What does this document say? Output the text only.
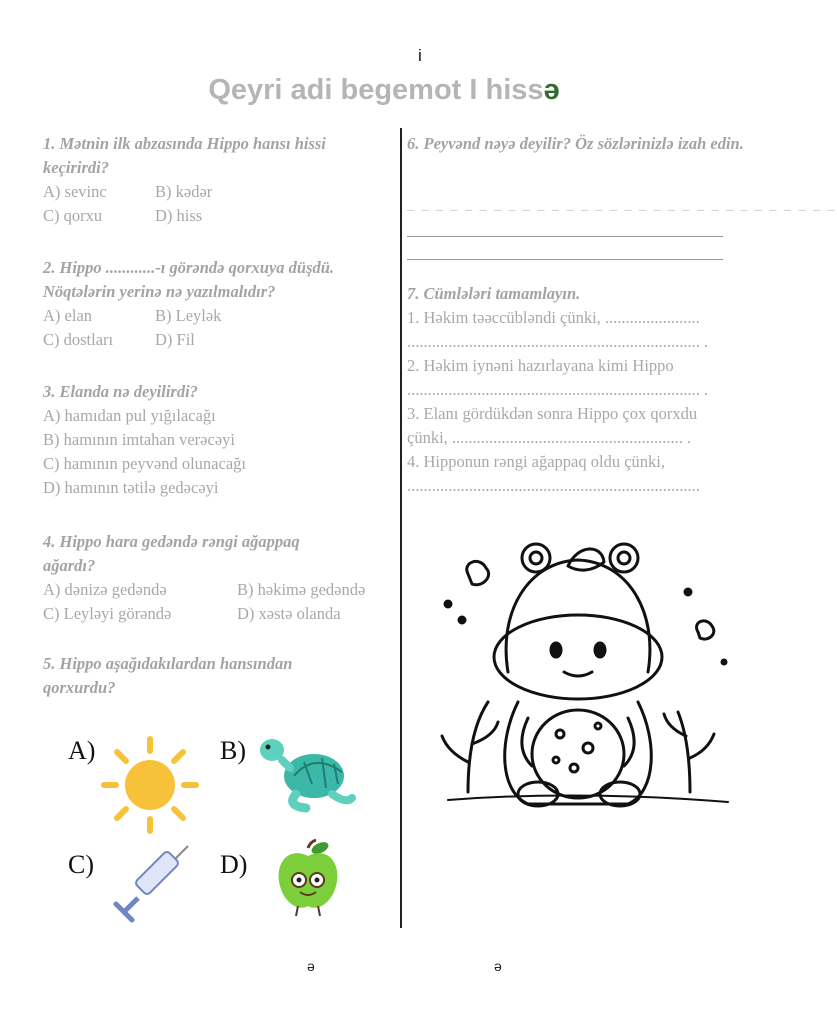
i
Qeyri adi begemot I hissə
1. Mətnin ilk abzasında Hippo hansı hissi keçirirdi?
A) sevinc	B) kədər
C) qorxu	D) hiss
2. Hippo ............-ı görəndə qorxuya düşdü. Nöqtələrin yerinə nə yazılmalıdır?
A) elan	B) Leylək
C) dostları	D) Fil
3. Elanda nə deyilirdi?
A) hamıdan pul yığılacağı
B) hamının imtahan verəcəyi
C) hamının peyvənd olunacağı
D) hamının tətilə gedəcəyi
4. Hippo hara gedəndə rəngi ağappaq ağardı?
A) dənizə gedəndə	B) həkimə gedəndə
C) Leyləyi görəndə	D) xəstə olanda
5. Hippo aşağıdakılardan hansından qorxurdu?
A)	B)
C)	D)
6. Peyvənd nəyə deyilir? Öz sözlərinizlə izah edin.
_ _ _ _ _ _ _ _ _ _ _ _ _ _ _ _ _ _ _ _ _ _ _ _ _ _ _ _ _ _
7. Cümlələri tamamlayın.
1. Həkim təəccübləndi çünki, .......................
....................................................................... .
2. Həkim iynəni hazırlayana kimi Hippo
....................................................................... .
3. Elanı gördükdən sonra Hippo çox qorxdu
çünki, ........................................................ .
4. Hipponun rəngi ağappaq oldu çünki,
.......................................................................
ə	ə
